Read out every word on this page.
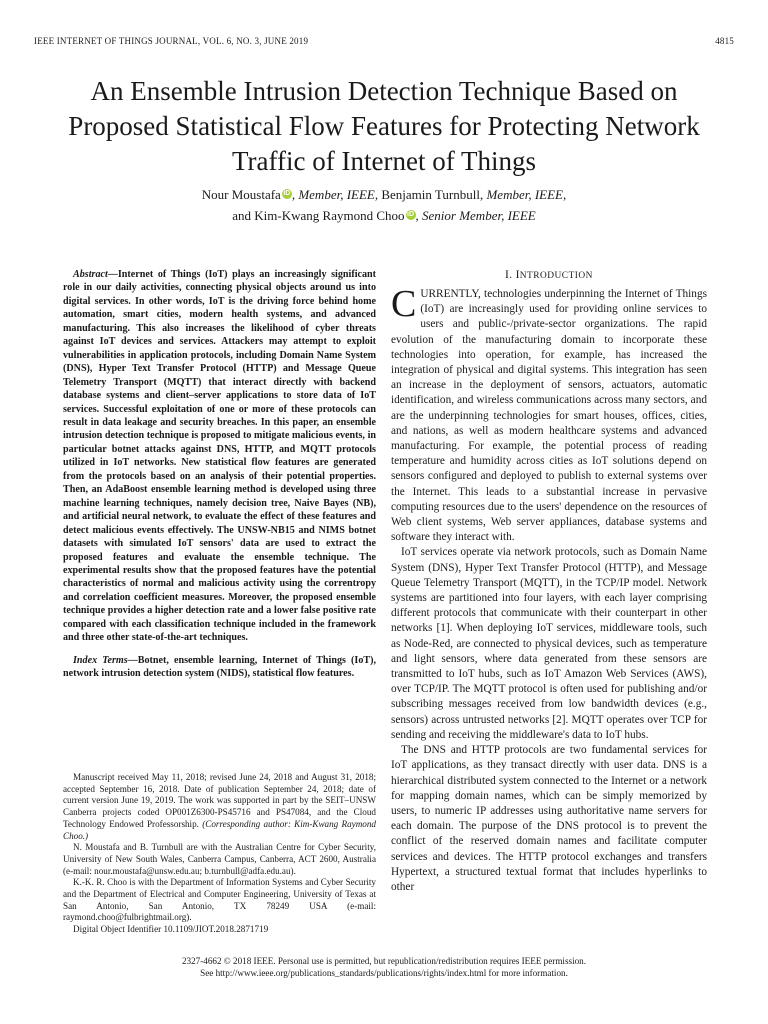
IEEE INTERNET OF THINGS JOURNAL, VOL. 6, NO. 3, JUNE 2019	4815
An Ensemble Intrusion Detection Technique Based on Proposed Statistical Flow Features for Protecting Network Traffic of Internet of Things
Nour Moustafa iD , Member, IEEE, Benjamin Turnbull, Member, IEEE,
and Kim-Kwang Raymond Choo iD , Senior Member, IEEE

Abstract—Internet of Things (IoT) plays an increasingly significant role in our daily activities, connecting physical objects around us into digital services. In other words, IoT is the driving force behind home automation, smart cities, modern health systems, and advanced manufacturing. This also increases the likelihood of cyber threats against IoT devices and services. Attackers may attempt to exploit vulnerabilities in application protocols, including Domain Name System (DNS), Hyper Text Transfer Protocol (HTTP) and Message Queue Telemetry Transport (MQTT) that interact directly with backend database systems and client–server applications to store data of IoT services. Successful exploitation of one or more of these protocols can result in data leakage and security breaches. In this paper, an ensemble intrusion detection technique is proposed to mitigate malicious events, in particular botnet attacks against DNS, HTTP, and MQTT protocols utilized in IoT networks. New statistical flow features are generated from the protocols based on an analysis of their potential properties. Then, an AdaBoost ensemble learning method is developed using three machine learning techniques, namely decision tree, Naive Bayes (NB), and artificial neural network, to evaluate the effect of these features and detect malicious events effectively. The UNSW-NB15 and NIMS botnet datasets with simulated IoT sensors' data are used to extract the proposed features and evaluate the ensemble technique. The experimental results show that the proposed features have the potential characteristics of normal and malicious activity using the correntropy and correlation coefficient measures. Moreover, the proposed ensemble technique provides a higher detection rate and a lower false positive rate compared with each classification technique included in the framework and three other state-of-the-art techniques.

Index Terms—Botnet, ensemble learning, Internet of Things (IoT), network intrusion detection system (NIDS), statistical flow features.

Manuscript received May 11, 2018; revised June 24, 2018 and August 31, 2018; accepted September 16, 2018. Date of publication September 24, 2018; date of current version June 19, 2019. The work was supported in part by the SEIT–UNSW Canberra projects coded OP001Z6300-PS45716 and PS47084, and the Cloud Technology Endowed Professorship. (Corresponding author: Kim-Kwang Raymond Choo.)

N. Moustafa and B. Turnbull are with the Australian Centre for Cyber Security, University of New South Wales, Canberra Campus, Canberra, ACT 2600, Australia (e-mail: nour.moustafa@unsw.edu.au; b.turnbull@adfa.edu.au).

K.-K. R. Choo is with the Department of Information Systems and Cyber Security and the Department of Electrical and Computer Engineering, University of Texas at San Antonio, San Antonio, TX 78249 USA (e-mail: raymond.choo@fulbrightmail.org).

Digital Object Identifier 10.1109/JIOT.2018.2871719

I. INTRODUCTION

CURRENTLY, technologies underpinning the Internet of Things (IoT) are increasingly used for providing online services to users and public-/private-sector organizations. The rapid evolution of the manufacturing domain to incorporate these technologies into operation, for example, has increased the integration of physical and digital systems. This integration has seen an increase in the deployment of sensors, actuators, automatic identification, and wireless communications across many sectors, and are the underpinning technologies for smart houses, offices, cities, and nations, as well as modern healthcare systems and advanced manufacturing. For example, the potential process of reading temperature and humidity across cities as IoT solutions depend on sensors configured and deployed to publish to external systems over the Internet. This leads to a substantial increase in pervasive computing resources due to the users' dependence on the resources of Web client systems, Web server appliances, database systems and software they interact with.

IoT services operate via network protocols, such as Domain Name System (DNS), Hyper Text Transfer Protocol (HTTP), and Message Queue Telemetry Transport (MQTT), in the TCP/IP model. Network systems are partitioned into four layers, with each layer comprising different protocols that communicate with their counterpart in other networks [1]. When deploying IoT services, middleware tools, such as Node-Red, are connected to physical devices, such as temperature and light sensors, where data generated from these sensors are transmitted to IoT hubs, such as IoT Amazon Web Services (AWS), over TCP/IP. The MQTT protocol is often used for publishing and/or subscribing messages received from low bandwidth devices (e.g., sensors) across untrusted networks [2]. MQTT operates over TCP for sending and receiving the middleware's data to IoT hubs.

The DNS and HTTP protocols are two fundamental services for IoT applications, as they transact directly with user data. DNS is a hierarchical distributed system connected to the Internet or a network for mapping domain names, which can be simply memorized by users, to numeric IP addresses using authoritative name servers for each domain. The purpose of the DNS protocol is to prevent the conflict of the reserved domain names and facilitate computer services and devices. The HTTP protocol exchanges and transfers Hypertext, a structured textual format that includes hyperlinks to other

2327-4662 © 2018 IEEE. Personal use is permitted, but republication/redistribution requires IEEE permission.
See http://www.ieee.org/publications_standards/publications/rights/index.html for more information.
